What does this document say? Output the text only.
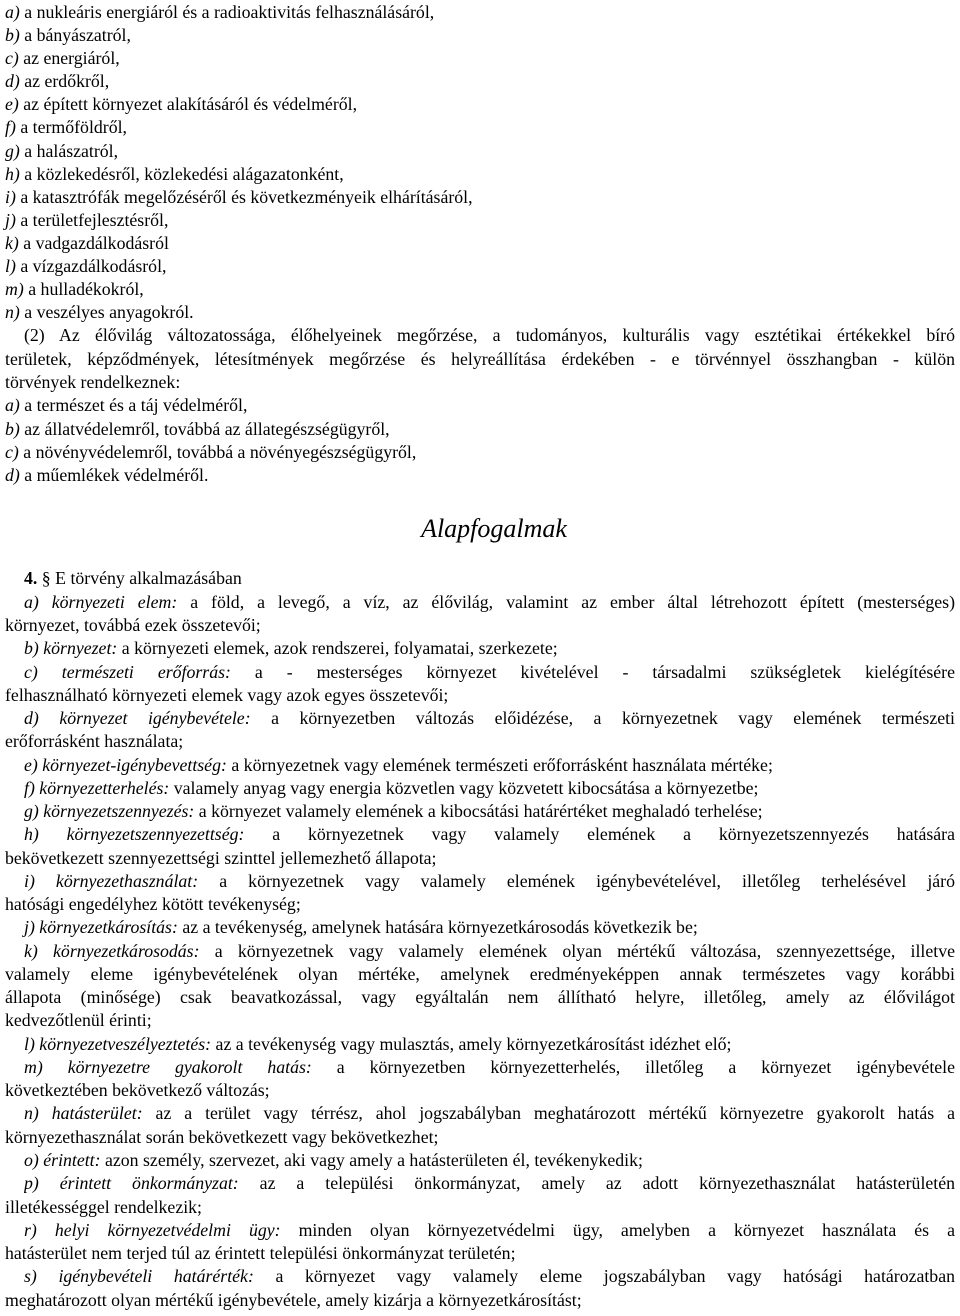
a) a nukleáris energiáról és a radioaktivitás felhasználásáról,
b) a bányászatról,
c) az energiáról,
d) az erdőkről,
e) az épített környezet alakításáról és védelméről,
f) a termőföldről,
g) a halászatról,
h) a közlekedésről, közlekedési alágazatonként,
i) a katasztrófák megelőzéséről és következményeik elhárításáról,
j) a területfejlesztésről,
k) a vadgazdálkodásról
l) a vízgazdálkodásról,
m) a hulladékokról,
n) a veszélyes anyagokról.
(2) Az élővilág változatossága, élőhelyeinek megőrzése, a tudományos, kulturális vagy esztétikai értékekkel bíró
területek, képződmények, létesítmények megőrzése és helyreállítása érdekében - e törvénnyel összhangban - külön
törvények rendelkeznek:
a) a természet és a táj védelméről,
b) az állatvédelemről, továbbá az állategészségügyről,
c) a növényvédelemről, továbbá a növényegészségügyről,
d) a műemlékek védelméről.
Alapfogalmak
4. § E törvény alkalmazásában
a) környezeti elem: a föld, a levegő, a víz, az élővilág, valamint az ember által létrehozott épített (mesterséges)
környezet, továbbá ezek összetevői;
b) környezet: a környezeti elemek, azok rendszerei, folyamatai, szerkezete;
c) természeti erőforrás: a - mesterséges környezet kivételével - társadalmi szükségletek kielégítésére
felhasználható környezeti elemek vagy azok egyes összetevői;
d) környezet igénybevétele: a környezetben változás előidézése, a környezetnek vagy elemének természeti
erőforrásként használata;
e) környezet-igénybevettség: a környezetnek vagy elemének természeti erőforrásként használata mértéke;
f) környezetterhelés: valamely anyag vagy energia közvetlen vagy közvetett kibocsátása a környezetbe;
g) környezetszennyezés: a környezet valamely elemének a kibocsátási határértéket meghaladó terhelése;
h) környezetszennyezettség: a környezetnek vagy valamely elemének a környezetszennyezés hatására
bekövetkezett szennyezettségi szinttel jellemezhető állapota;
i) környezethasználat: a környezetnek vagy valamely elemének igénybevételével, illetőleg terhelésével járó
hatósági engedélyhez kötött tevékenység;
j) környezetkárosítás: az a tevékenység, amelynek hatására környezetkárosodás következik be;
k) környezetkárosodás: a környezetnek vagy valamely elemének olyan mértékű változása, szennyezettsége, illetve
valamely eleme igénybevételének olyan mértéke, amelynek eredményeképpen annak természetes vagy korábbi
állapota (minősége) csak beavatkozással, vagy egyáltalán nem állítható helyre, illetőleg, amely az élővilágot
kedvezőtlenül érinti;
l) környezetveszélyeztetés: az a tevékenység vagy mulasztás, amely környezetkárosítást idézhet elő;
m) környezetre gyakorolt hatás: a környezetben környezetterhelés, illetőleg a környezet igénybevétele
következtében bekövetkező változás;
n) hatásterület: az a terület vagy térrész, ahol jogszabályban meghatározott mértékű környezetre gyakorolt hatás a
környezethasználat során bekövetkezett vagy bekövetkezhet;
o) érintett: azon személy, szervezet, aki vagy amely a hatásterületen él, tevékenykedik;
p) érintett önkormányzat: az a települési önkormányzat, amely az adott környezethasználat hatásterületén
illetékességgel rendelkezik;
r) helyi környezetvédelmi ügy: minden olyan környezetvédelmi ügy, amelyben a környezet használata és a
hatásterület nem terjed túl az érintett települési önkormányzat területén;
s) igénybevételi határérték: a környezet vagy valamely eleme jogszabályban vagy hatósági határozatban
meghatározott olyan mértékű igénybevétele, amely kizárja a környezetkárosítást;
